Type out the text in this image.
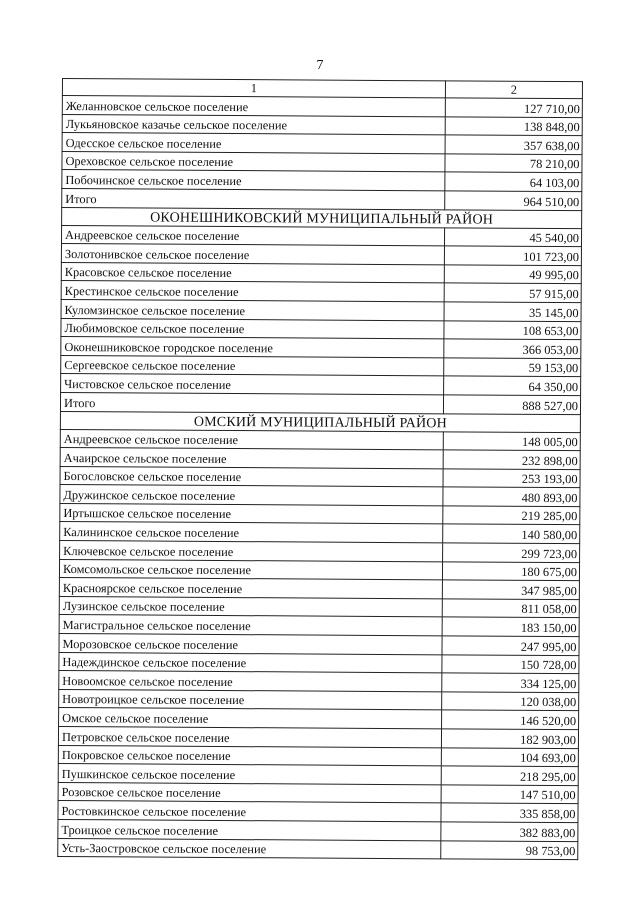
7
1	2
Желанновское сельское поселение	127 710,00
Лукьяновское казачье сельское поселение	138 848,00
Одесское сельское поселение	357 638,00
Ореховское сельское поселение	78 210,00
Побочинское сельское поселение	64 103,00
Итого	964 510,00
ОКОНЕШНИКОВСКИЙ МУНИЦИПАЛЬНЫЙ РАЙОН	
Андреевское сельское поселение	45 540,00
Золотонивское сельское поселение	101 723,00
Красовское сельское поселение	49 995,00
Крестинское сельское поселение	57 915,00
Куломзинское сельское поселение	35 145,00
Любимовское сельское поселение	108 653,00
Оконешниковское городское поселение	366 053,00
Сергеевское сельское поселение	59 153,00
Чистовское сельское поселение	64 350,00
Итого	888 527,00
ОМСКИЙ МУНИЦИПАЛЬНЫЙ РАЙОН	
Андреевское сельское поселение	148 005,00
Ачаирское сельское поселение	232 898,00
Богословское сельское поселение	253 193,00
Дружинское сельское поселение	480 893,00
Иртышское сельское поселение	219 285,00
Калининское сельское поселение	140 580,00
Ключевское сельское поселение	299 723,00
Комсомольское сельское поселение	180 675,00
Красноярское сельское поселение	347 985,00
Лузинское сельское поселение	811 058,00
Магистральное сельское поселение	183 150,00
Морозовское сельское поселение	247 995,00
Надеждинское сельское поселение	150 728,00
Новоомское сельское поселение	334 125,00
Новотроицкое сельское поселение	120 038,00
Омское сельское поселение	146 520,00
Петровское сельское поселение	182 903,00
Покровское сельское поселение	104 693,00
Пушкинское сельское поселение	218 295,00
Розовское сельское поселение	147 510,00
Ростовкинское сельское поселение	335 858,00
Троицкое сельское поселение	382 883,00
Усть-Заостровское сельское поселение	98 753,00
